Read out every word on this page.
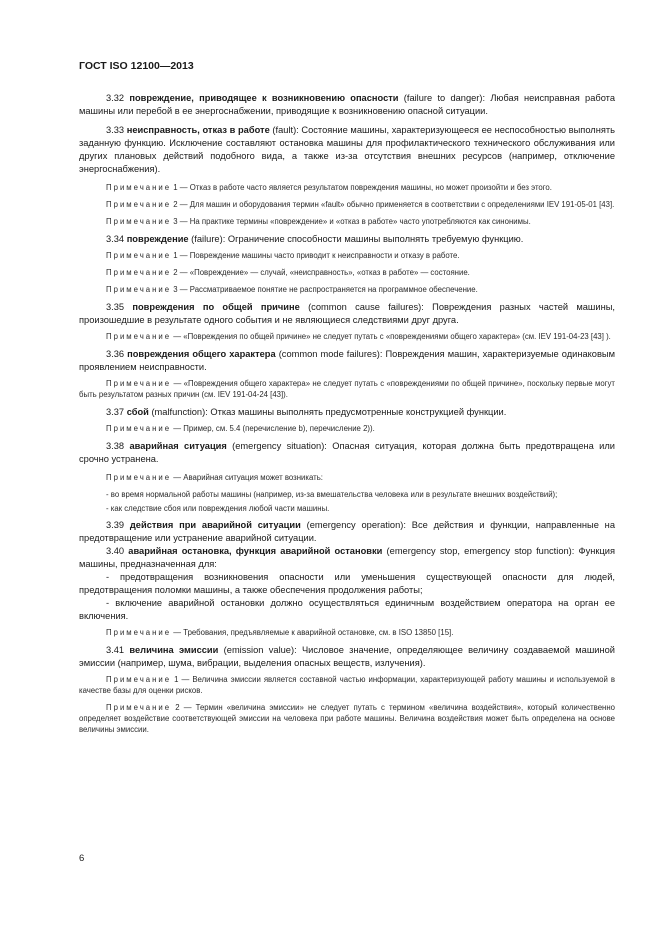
ГОСТ ISO 12100—2013

3.32 повреждение, приводящее к возникновению опасности (failure to danger): Любая неисправная работа машины или перебой в ее энергоснабжении, приводящие к возникновению опасной ситуации.

3.33 неисправность, отказ в работе (fault): Состояние машины, характеризующееся ее неспособностью выполнять заданную функцию. Исключение составляют остановка машины для профилактического технического обслуживания или других плановых действий подобного вида, а также из-за отсутствия внешних ресурсов (например, отключение энергоснабжения).

Примечание 1 — Отказ в работе часто является результатом повреждения машины, но может произойти и без этого.

Примечание 2 — Для машин и оборудования термин «fault» обычно применяется в соответствии с определениями IEV 191-05-01 [43].

Примечание 3 — На практике термины «повреждение» и «отказ в работе» часто употребляются как синонимы.

3.34 повреждение (failure): Ограничение способности машины выполнять требуемую функцию.

Примечание 1 — Повреждение машины часто приводит к неисправности и отказу в работе.

Примечание 2 — «Повреждение» — случай, «неисправность», «отказ в работе» — состояние.

Примечание 3 — Рассматриваемое понятие не распространяется на программное обеспечение.

3.35 повреждения по общей причине (common cause failures): Повреждения разных частей машины, произошедшие в результате одного события и не являющиеся следствиями друг друга.

Примечание — «Повреждения по общей причине» не следует путать с «повреждениями общего характера» (см. IEV 191-04-23 [43] ).

3.36 повреждения общего характера (common mode failures): Повреждения машин, характеризуемые одинаковым проявлением неисправности.

Примечание — «Повреждения общего характера» не следует путать с «повреждениями по общей причине», поскольку первые могут быть результатом разных причин (см. IEV 191-04-24 [43]).

3.37 сбой (malfunction): Отказ машины выполнять предусмотренные конструкцией функции.

Примечание — Пример, см. 5.4 (перечисление b), перечисление 2)).

3.38 аварийная ситуация (emergency situation): Опасная ситуация, которая должна быть предотвращена или срочно устранена.

Примечание — Аварийная ситуация может возникать:

- во время нормальной работы машины (например, из-за вмешательства человека или в результате внешних воздействий);

- как следствие сбоя или повреждения любой части машины.

3.39 действия при аварийной ситуации (emergency operation): Все действия и функции, направленные на предотвращение или устранение аварийной ситуации.

3.40 аварийная остановка, функция аварийной остановки (emergency stop, emergency stop function): Функция машины, предназначенная для:

- предотвращения возникновения опасности или уменьшения существующей опасности для людей, предотвращения поломки машины, а также обеспечения продолжения работы;

- включение аварийной остановки должно осуществляться единичным воздействием оператора на орган ее включения.

Примечание — Требования, предъявляемые к аварийной остановке, см. в ISO 13850 [15].

3.41 величина эмиссии (emission value): Числовое значение, определяющее величину создаваемой машиной эмиссии (например, шума, вибрации, выделения опасных веществ, излучения).

Примечание 1 — Величина эмиссии является составной частью информации, характеризующей работу машины и используемой в качестве базы для оценки рисков.

Примечание 2 — Термин «величина эмиссии» не следует путать с термином «величина воздействия», который количественно определяет воздействие соответствующей эмиссии на человека при работе машины. Величина воздействия может быть определена на основе величины эмиссии.

6
